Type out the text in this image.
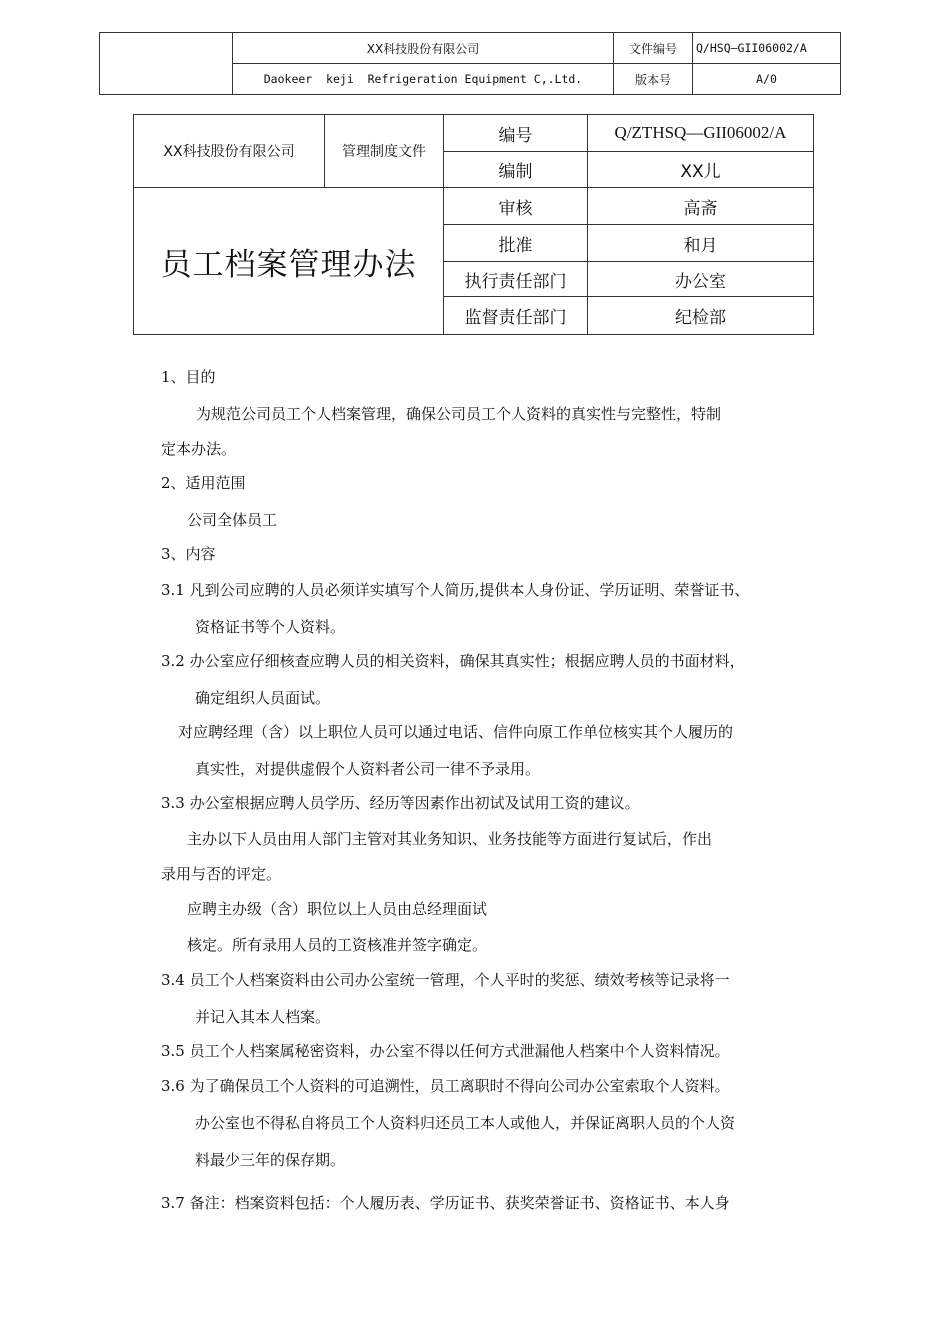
	XX科技股份有限公司	文件编号	Q/HSQ—GII06002/A
	Daokeer  keji  Refrigeration Equipment C,.Ltd.	版本号	A/0
XX科技股份有限公司	管理制度文件	编号	Q/ZTHSQ—GII06002/A
		编制	XX儿
员工档案管理办法		审核	高斋
		批准	和月
		执行责任部门	办公室
		监督责任部门	纪检部
1、目的
为规范公司员工个人档案管理，确保公司员工个人资料的真实性与完整性，特制
定本办法。
2、适用范围
公司全体员工
3、内容
3.1 凡到公司应聘的人员必须详实填写个人简历,提供本人身份证、学历证明、荣誉证书、
资格证书等个人资料。
3.2 办公室应仔细核查应聘人员的相关资料，确保其真实性；根据应聘人员的书面材料，
确定组织人员面试。
对应聘经理（含）以上职位人员可以通过电话、信件向原工作单位核实其个人履历的
真实性，对提供虚假个人资料者公司一律不予录用。
3.3 办公室根据应聘人员学历、经历等因素作出初试及试用工资的建议。
主办以下人员由用人部门主管对其业务知识、业务技能等方面进行复试后，作出
录用与否的评定。
应聘主办级（含）职位以上人员由总经理面试
核定。所有录用人员的工资核准并签字确定。
3.4 员工个人档案资料由公司办公室统一管理，个人平时的奖惩、绩效考核等记录将一
并记入其本人档案。
3.5 员工个人档案属秘密资料，办公室不得以任何方式泄漏他人档案中个人资料情况。
3.6 为了确保员工个人资料的可追溯性，员工离职时不得向公司办公室索取个人资料。
办公室也不得私自将员工个人资料归还员工本人或他人，并保证离职人员的个人资
料最少三年的保存期。
3.7 备注：档案资料包括：个人履历表、学历证书、获奖荣誉证书、资格证书、本人身
